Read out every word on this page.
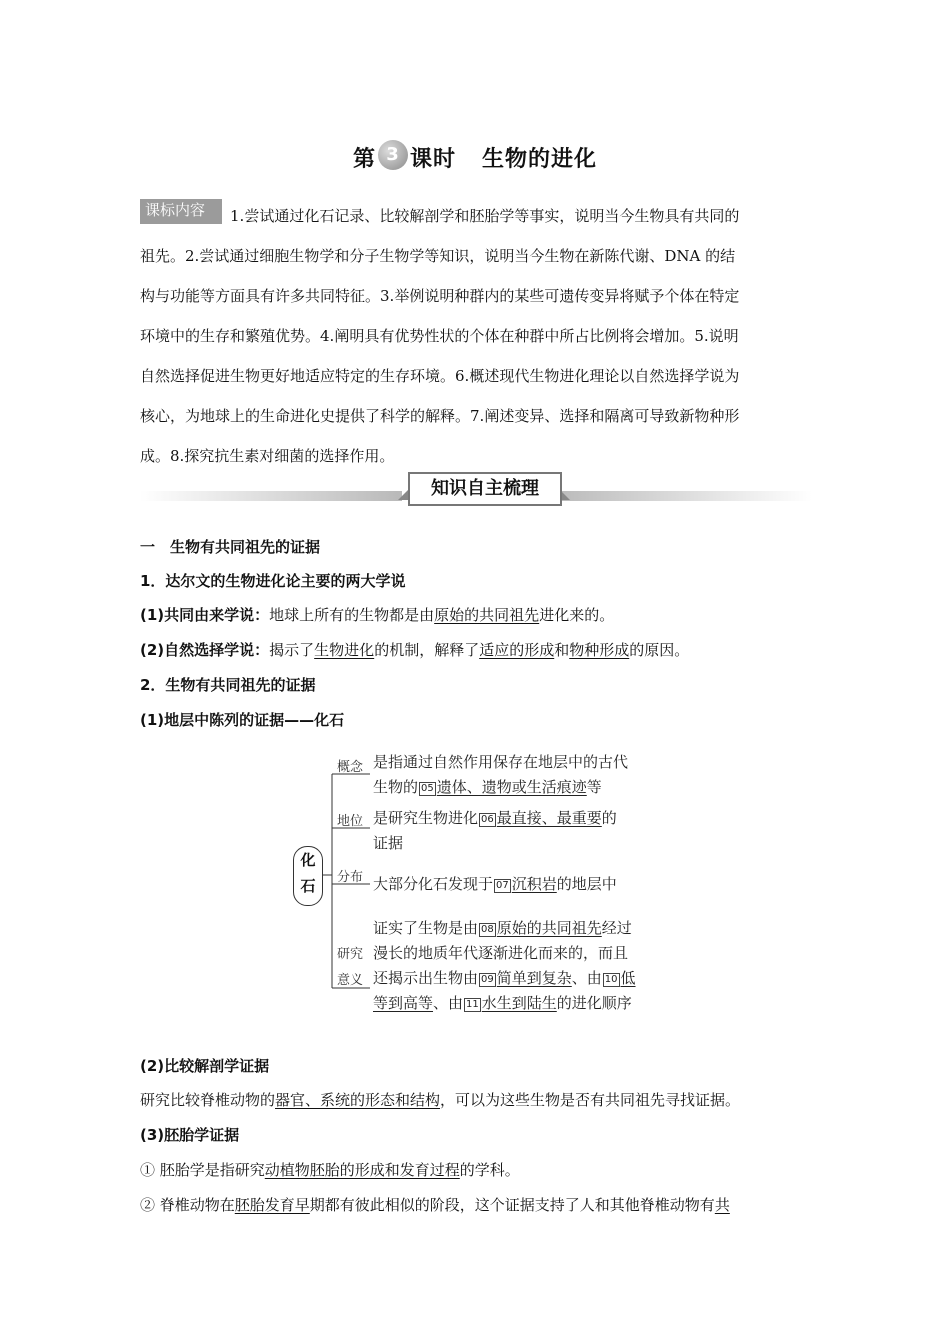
第 3 课时 生物的进化
课标内容 1.尝试通过化石记录、比较解剖学和胚胎学等事实，说明当今生物具有共同的
祖先。2.尝试通过细胞生物学和分子生物学等知识，说明当今生物在新陈代谢、DNA 的结
构与功能等方面具有许多共同特征。3.举例说明种群内的某些可遗传变异将赋予个体在特定
环境中的生存和繁殖优势。4.阐明具有优势性状的个体在种群中所占比例将会增加。5.说明
自然选择促进生物更好地适应特定的生存环境。6.概述现代生物进化理论以自然选择学说为
核心，为地球上的生命进化史提供了科学的解释。7.阐述变异、选择和隔离可导致新物种形
成。8.探究抗生素对细菌的选择作用。
知识自主梳理

一　生物有共同祖先的证据

1．达尔文的生物进化论主要的两大学说

(1)共同由来学说：地球上所有的生物都是由原始的共同祖先进化来的。

(2)自然选择学说：揭示了生物进化的机制，解释了适应的形成和物种形成的原因。

2．生物有共同祖先的证据

(1)地层中陈列的证据——化石

化
石
概念 是指通过自然作用保存在地层中的古代
生物的 05 遗体、遗物或生活痕迹等
地位 是研究生物进化 06 最直接、最重要的
证据
分布 大部分化石发现于 07 沉积岩的地层中
研究
意义
证实了生物是由 08 原始的共同祖先经过
漫长的地质年代逐渐进化而来的，而且
还揭示出生物由 09 简单到复杂、由 10 低
等到高等、由 11 水生到陆生的进化顺序

(2)比较解剖学证据

研究比较脊椎动物的器官、系统的形态和结构，可以为这些生物是否有共同祖先寻找证据。

(3)胚胎学证据

① 胚胎学是指研究动植物胚胎的形成和发育过程的学科。

② 脊椎动物在胚胎发育早期都有彼此相似的阶段，这个证据支持了人和其他脊椎动物有共
